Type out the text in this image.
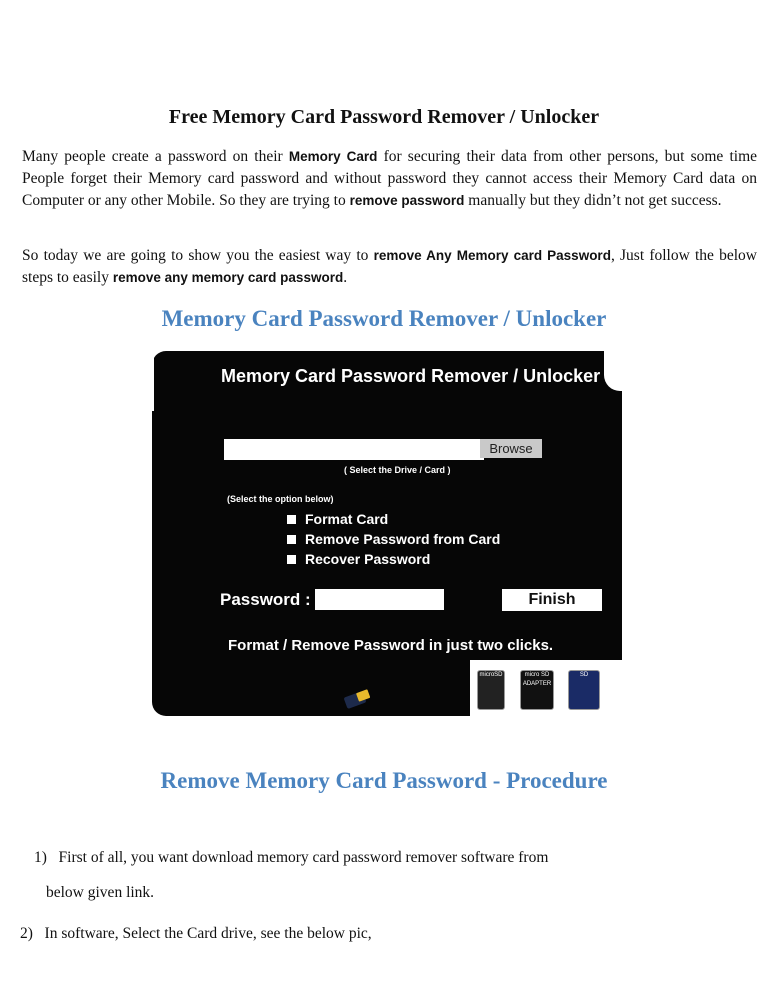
Free Memory Card Password Remover / Unlocker

Many people create a password on their Memory Card for securing their data from other persons, but some time People forget their Memory card password and without password they cannot access their Memory Card data on Computer or any other Mobile. So they are trying to remove password manually but they didn’t not get success.

So today we are going to show you the easiest way to remove Any Memory card Password, Just follow the below steps to easily remove any memory card password.

Memory Card Password Remover / Unlocker
Memory Card Password Remover / Unlocker
Browse
( Select the Drive / Card )
(Select the option below)
Format Card
Remove Password from Card
Recover Password
Password :	Finish
Format / Remove Password in just two clicks.
microSD	micro SD ADAPTER
SD
Remove Memory Card Password - Procedure

1) First of all, you want download memory card password remover software from

below given link.

2) In software, Select the Card drive, see the below pic,
